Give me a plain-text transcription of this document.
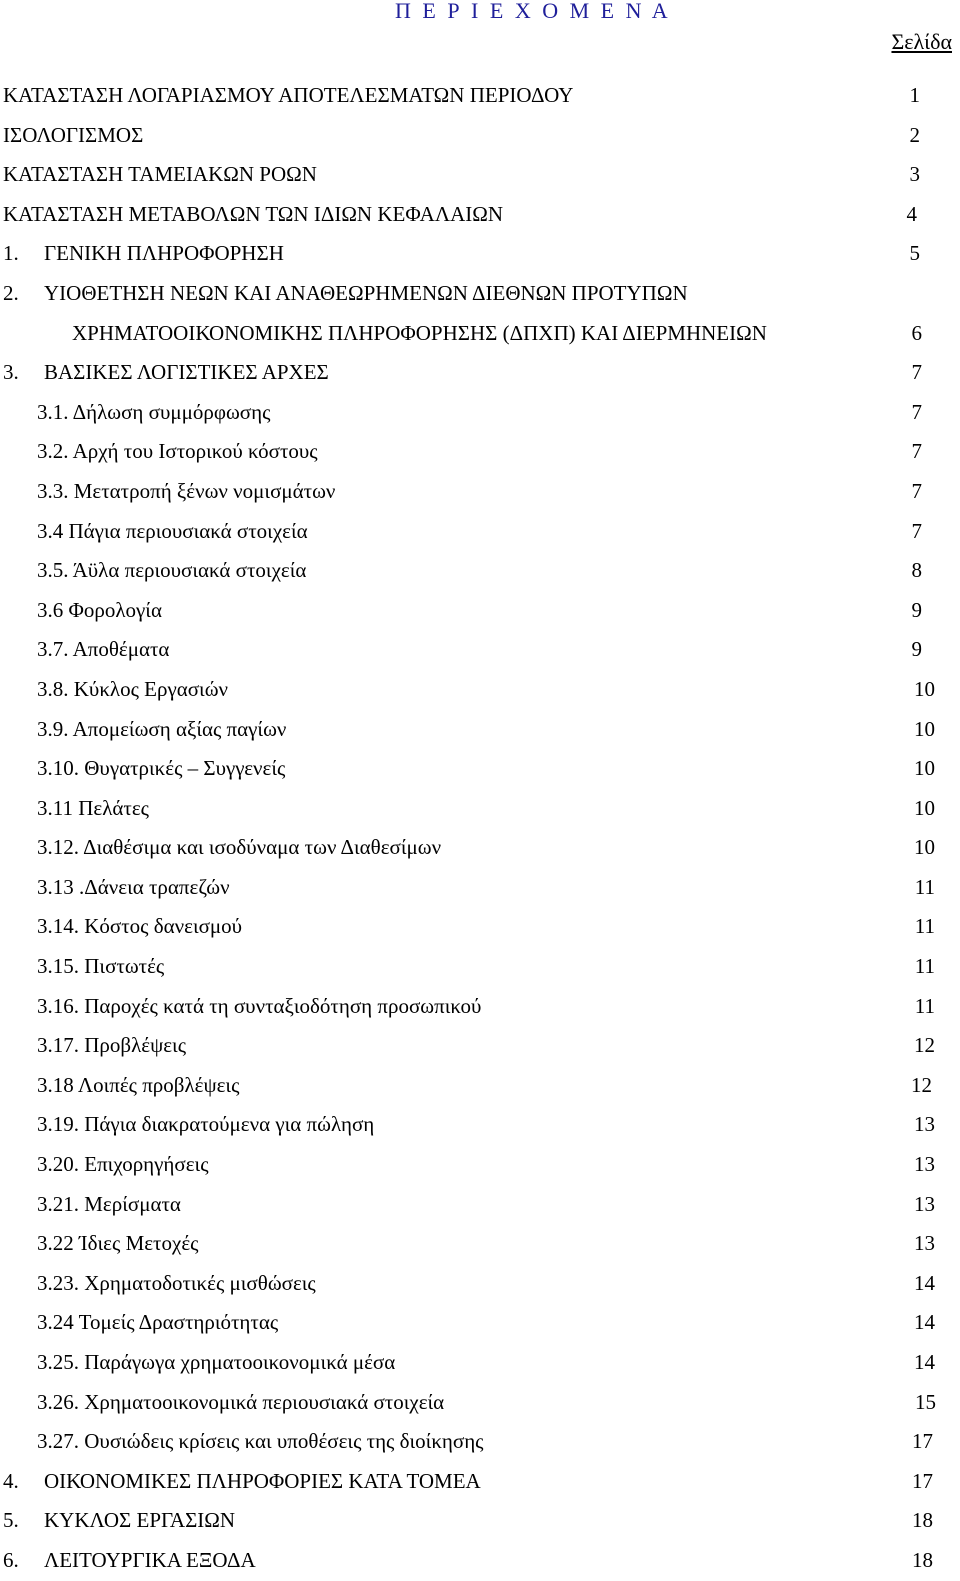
Π Ε Ρ Ι Ε Χ Ο Μ Ε Ν Α
Σελίδα
ΚΑΤΑΣΤΑΣΗ ΛΟΓΑΡΙΑΣΜΟΥ ΑΠΟΤΕΛΕΣΜΑΤΩΝ ΠΕΡΙΟΔΟΥ	1
ΙΣΟΛΟΓΙΣΜΟΣ	2
ΚΑΤΑΣΤΑΣΗ ΤΑΜΕΙΑΚΩΝ ΡΟΩΝ	3
ΚΑΤΑΣΤΑΣΗ ΜΕΤΑΒΟΛΩΝ ΤΩΝ ΙΔΙΩΝ ΚΕΦΑΛΑΙΩΝ	4
1. ΓΕΝΙΚΗ ΠΛΗΡΟΦΟΡΗΣΗ	5
2. ΥΙΟΘΕΤΗΣΗ ΝΕΩΝ ΚΑΙ ΑΝΑΘΕΩΡΗΜΕΝΩΝ ΔΙΕΘΝΩΝ ΠΡΟΤΥΠΩΝ
ΧΡΗΜΑΤΟΟΙΚΟΝΟΜΙΚΗΣ ΠΛΗΡΟΦΟΡΗΣΗΣ (ΔΠΧΠ) ΚΑΙ ΔΙΕΡΜΗΝΕΙΩΝ	6
3. ΒΑΣΙΚΕΣ ΛΟΓΙΣΤΙΚΕΣ ΑΡΧΕΣ	7
3.1. Δήλωση συμμόρφωσης	7
3.2. Αρχή του Ιστορικού κόστους	7
3.3. Μετατροπή ξένων νομισμάτων	7
3.4 Πάγια περιουσιακά στοιχεία	7
3.5. Άϋλα περιουσιακά στοιχεία	8
3.6 Φορολογία	9
3.7. Αποθέματα	9
3.8. Κύκλος Εργασιών	10
3.9. Απομείωση αξίας παγίων	10
3.10. Θυγατρικές – Συγγενείς	10
3.11 Πελάτες	10
3.12. Διαθέσιμα και ισοδύναμα των Διαθεσίμων	10
3.13 .Δάνεια τραπεζών	11
3.14. Κόστος δανεισμού	11
3.15. Πιστωτές	11
3.16. Παροχές κατά τη συνταξιοδότηση προσωπικού	11
3.17. Προβλέψεις	12
3.18 Λοιπές προβλέψεις	12
3.19. Πάγια διακρατούμενα για πώληση	13
3.20. Επιχορηγήσεις	13
3.21. Μερίσματα	13
3.22 Ίδιες Μετοχές	13
3.23. Χρηματοδοτικές μισθώσεις	14
3.24 Τομείς Δραστηριότητας	14
3.25. Παράγωγα χρηματοοικονομικά μέσα	14
3.26. Χρηματοοικονομικά περιουσιακά στοιχεία	15
3.27. Ουσιώδεις κρίσεις και υποθέσεις της διοίκησης	17
4. ΟΙΚΟΝΟΜΙΚΕΣ ΠΛΗΡΟΦΟΡΙΕΣ ΚΑΤΑ ΤΟΜΕΑ	17
5. ΚΥΚΛΟΣ ΕΡΓΑΣΙΩΝ	18
6. ΛΕΙΤΟΥΡΓΙΚΑ ΕΞΟΔΑ	18
